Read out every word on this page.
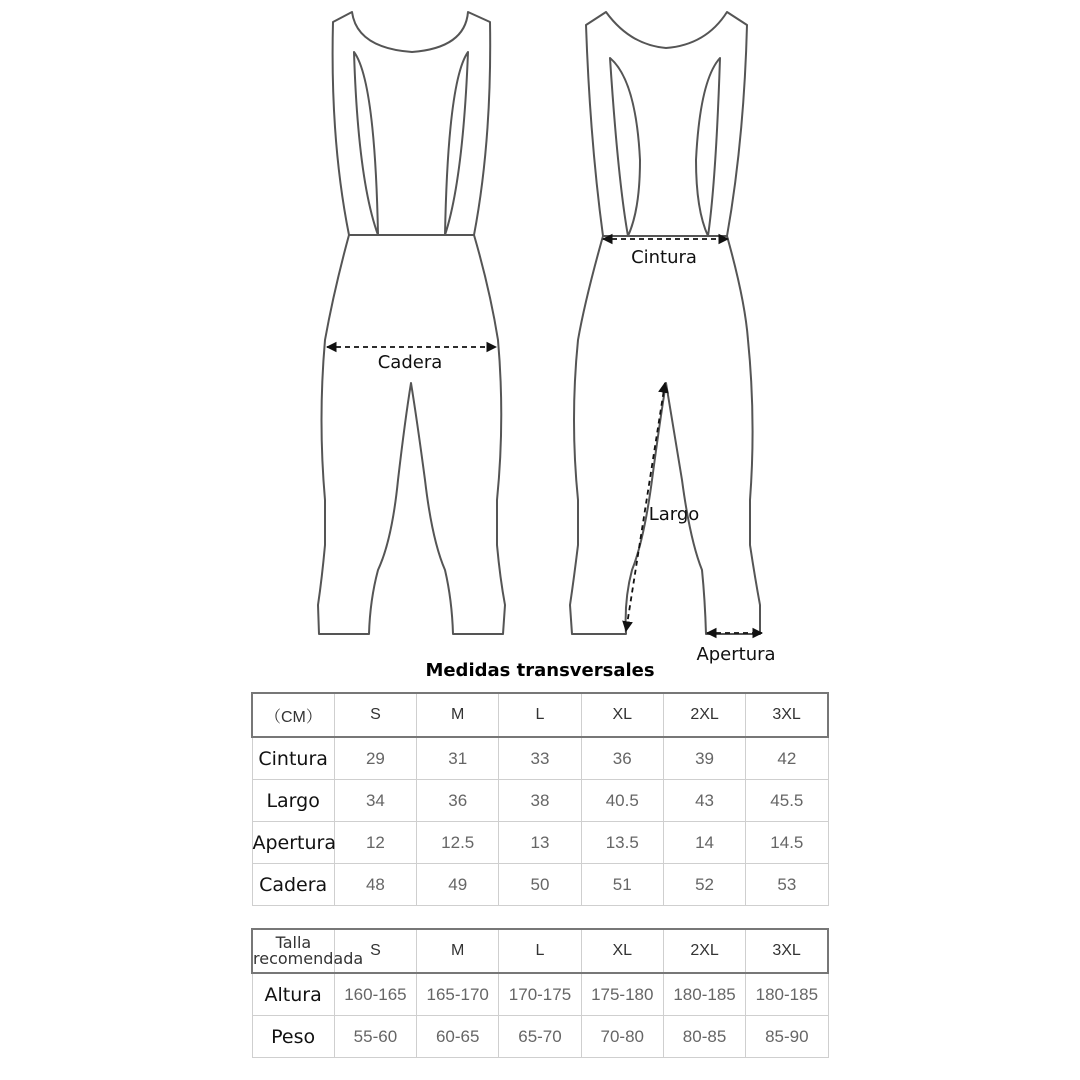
Cadera
Cintura
Largo
Apertura
Medidas transversales
（CM）	S	M	L	XL	2XL	3XL
Cintura	29	31	33	36	39	42
Largo	34	36	38	40.5	43	45.5
Apertura	12	12.5	13	13.5	14	14.5
Cadera	48	49	50	51	52	53
Talla recomendada	S	M	L	XL	2XL	3XL
Altura	160-165	165-170	170-175	175-180	180-185	180-185
Peso	55-60	60-65	65-70	70-80	80-85	85-90
